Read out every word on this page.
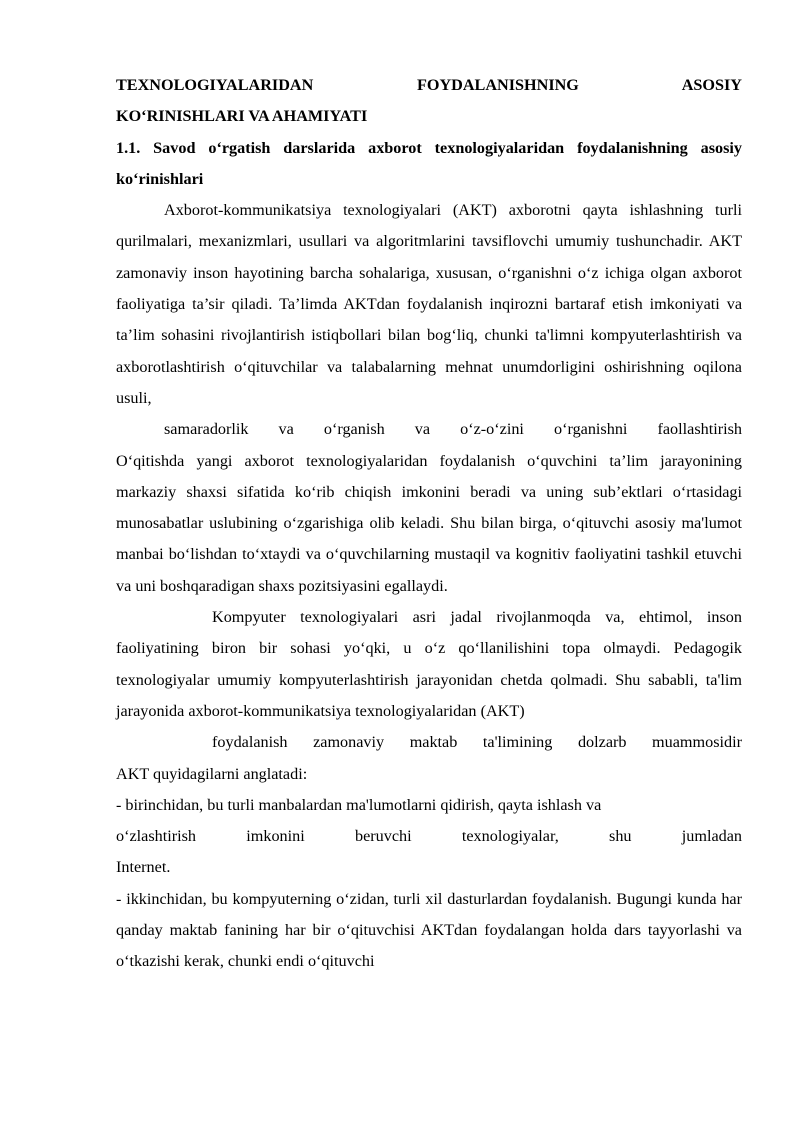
TEXNOLOGIYALARIDAN FOYDALANISHNING ASOSIY
KO‘RINISHLARI VA AHAMIYATI
1.1. Savod o‘rgatish darslarida axborot texnologiyalaridan foydalanishning asosiy ko‘rinishlari

Axborot-kommunikatsiya texnologiyalari (AKT) axborotni qayta ishlashning turli qurilmalari, mexanizmlari, usullari va algoritmlarini tavsiflovchi umumiy tushunchadir. AKT zamonaviy inson hayotining barcha sohalariga, xususan, o‘rganishni o‘z ichiga olgan axborot faoliyatiga ta’sir qiladi. Ta’limda AKTdan foydalanish inqirozni bartaraf etish imkoniyati va ta’lim sohasini rivojlantirish istiqbollari bilan bog‘liq, chunki ta'limni kompyuterlashtirish va axborotlashtirish o‘qituvchilar va talabalarning mehnat unumdorligini oshirishning oqilona usuli,
samaradorlik va o‘rganish va o‘z-o‘zini o‘rganishni faollashtirish
O‘qitishda yangi axborot texnologiyalaridan foydalanish o‘quvchini ta’lim jarayonining markaziy shaxsi sifatida ko‘rib chiqish imkonini beradi va uning sub’ektlari o‘rtasidagi munosabatlar uslubining o‘zgarishiga olib keladi. Shu bilan birga, o‘qituvchi asosiy ma'lumot manbai bo‘lishdan to‘xtaydi va o‘quvchilarning mustaqil va kognitiv faoliyatini tashkil etuvchi va uni boshqaradigan shaxs pozitsiyasini egallaydi.

Kompyuter texnologiyalari asri jadal rivojlanmoqda va, ehtimol, inson faoliyatining biron bir sohasi yo‘qki, u o‘z qo‘llanilishini topa olmaydi. Pedagogik texnologiyalar umumiy kompyuterlashtirish jarayonidan chetda qolmadi. Shu sababli, ta'lim jarayonida axborot-kommunikatsiya texnologiyalaridan (AKT)
foydalanish zamonaviy maktab ta'limining dolzarb muammosidir
AKT quyidagilarni anglatadi:

- birinchidan, bu turli manbalardan ma'lumotlarni qidirish, qayta ishlash va
o‘zlashtirish imkonini beruvchi texnologiyalar, shu jumladan
Internet.

- ikkinchidan, bu kompyuterning o‘zidan, turli xil dasturlardan foydalanish. Bugungi kunda har qanday maktab fanining har bir o‘qituvchisi AKTdan foydalangan holda dars tayyorlashi va o‘tkazishi kerak, chunki endi o‘qituvchi
